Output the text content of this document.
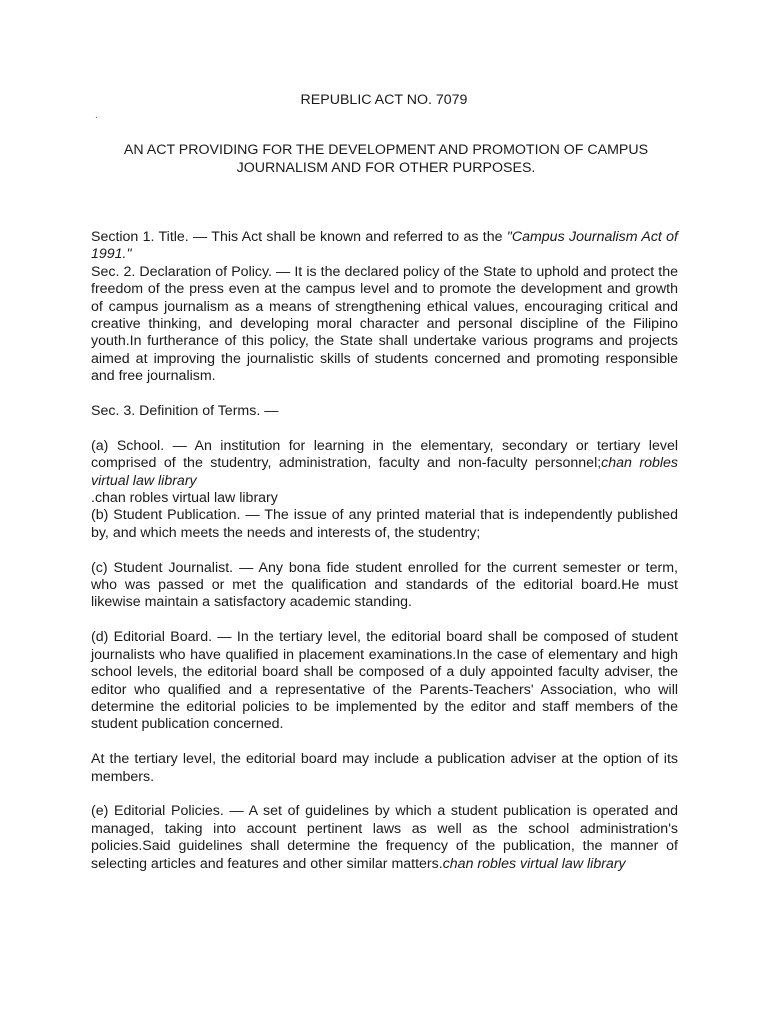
REPUBLIC ACT NO. 7079
.
AN ACT PROVIDING FOR THE DEVELOPMENT AND PROMOTION OF CAMPUS JOURNALISM AND FOR OTHER PURPOSES.

Section 1. Title. — This Act shall be known and referred to as the "Campus Journalism Act of 1991."

Sec. 2. Declaration of Policy. — It is the declared policy of the State to uphold and protect the freedom of the press even at the campus level and to promote the development and growth of campus journalism as a means of strengthening ethical values, encouraging critical and creative thinking, and developing moral character and personal discipline of the Filipino youth.In furtherance of this policy, the State shall undertake various programs and projects aimed at improving the journalistic skills of students concerned and promoting responsible and free journalism.

Sec. 3. Definition of Terms. —

(a) School. — An institution for learning in the elementary, secondary or tertiary level comprised of the studentry, administration, faculty and non-faculty personnel;chan robles virtual law library

.chan robles virtual law library

(b) Student Publication. — The issue of any printed material that is independently published by, and which meets the needs and interests of, the studentry;

(c) Student Journalist. — Any bona fide student enrolled for the current semester or term, who was passed or met the qualification and standards of the editorial board.He must likewise maintain a satisfactory academic standing.

(d) Editorial Board. — In the tertiary level, the editorial board shall be composed of student journalists who have qualified in placement examinations.In the case of elementary and high school levels, the editorial board shall be composed of a duly appointed faculty adviser, the editor who qualified and a representative of the Parents-Teachers' Association, who will determine the editorial policies to be implemented by the editor and staff members of the student publication concerned.

At the tertiary level, the editorial board may include a publication adviser at the option of its members.

(e) Editorial Policies. — A set of guidelines by which a student publication is operated and managed, taking into account pertinent laws as well as the school administration's policies.Said guidelines shall determine the frequency of the publication, the manner of selecting articles and features and other similar matters.chan robles virtual law library
